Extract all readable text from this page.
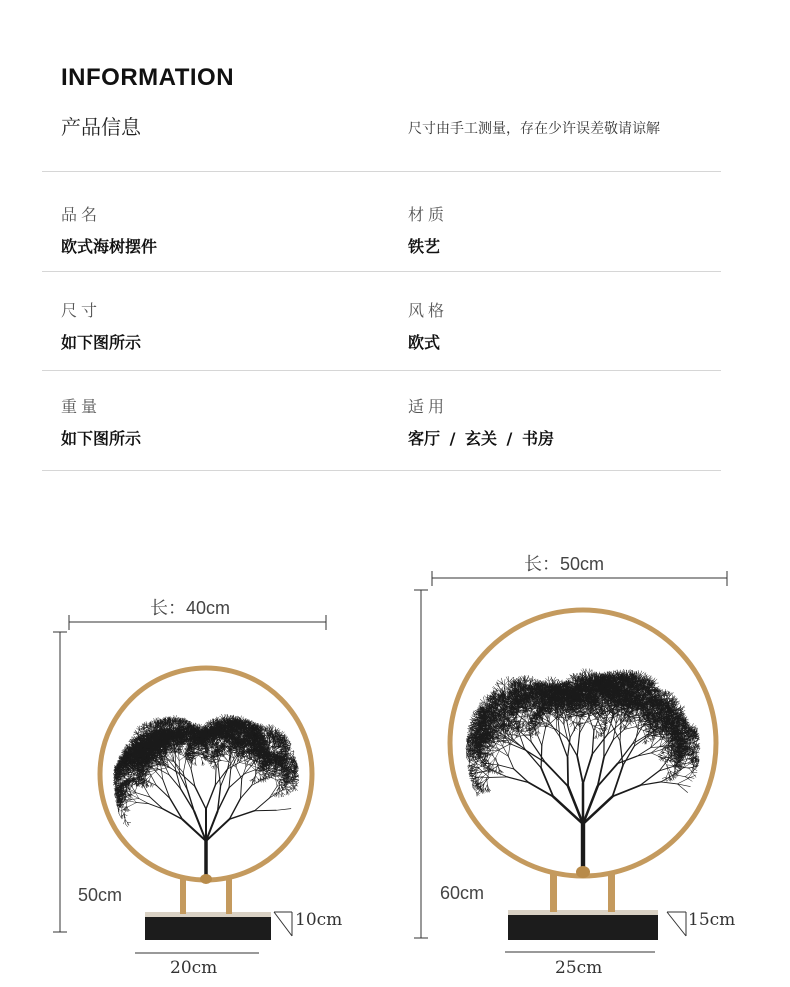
INFORMATION
产品信息	尺寸由手工测量，存在少许误差敬请谅解
品名
欧式海树摆件
材质
铁艺
尺寸
如下图所示
风格
欧式
重量
如下图所示
适用
客厅 / 玄关 / 书房
长：40cm
50cm
10cm
20cm
长：50cm
60cm
15cm
25cm
